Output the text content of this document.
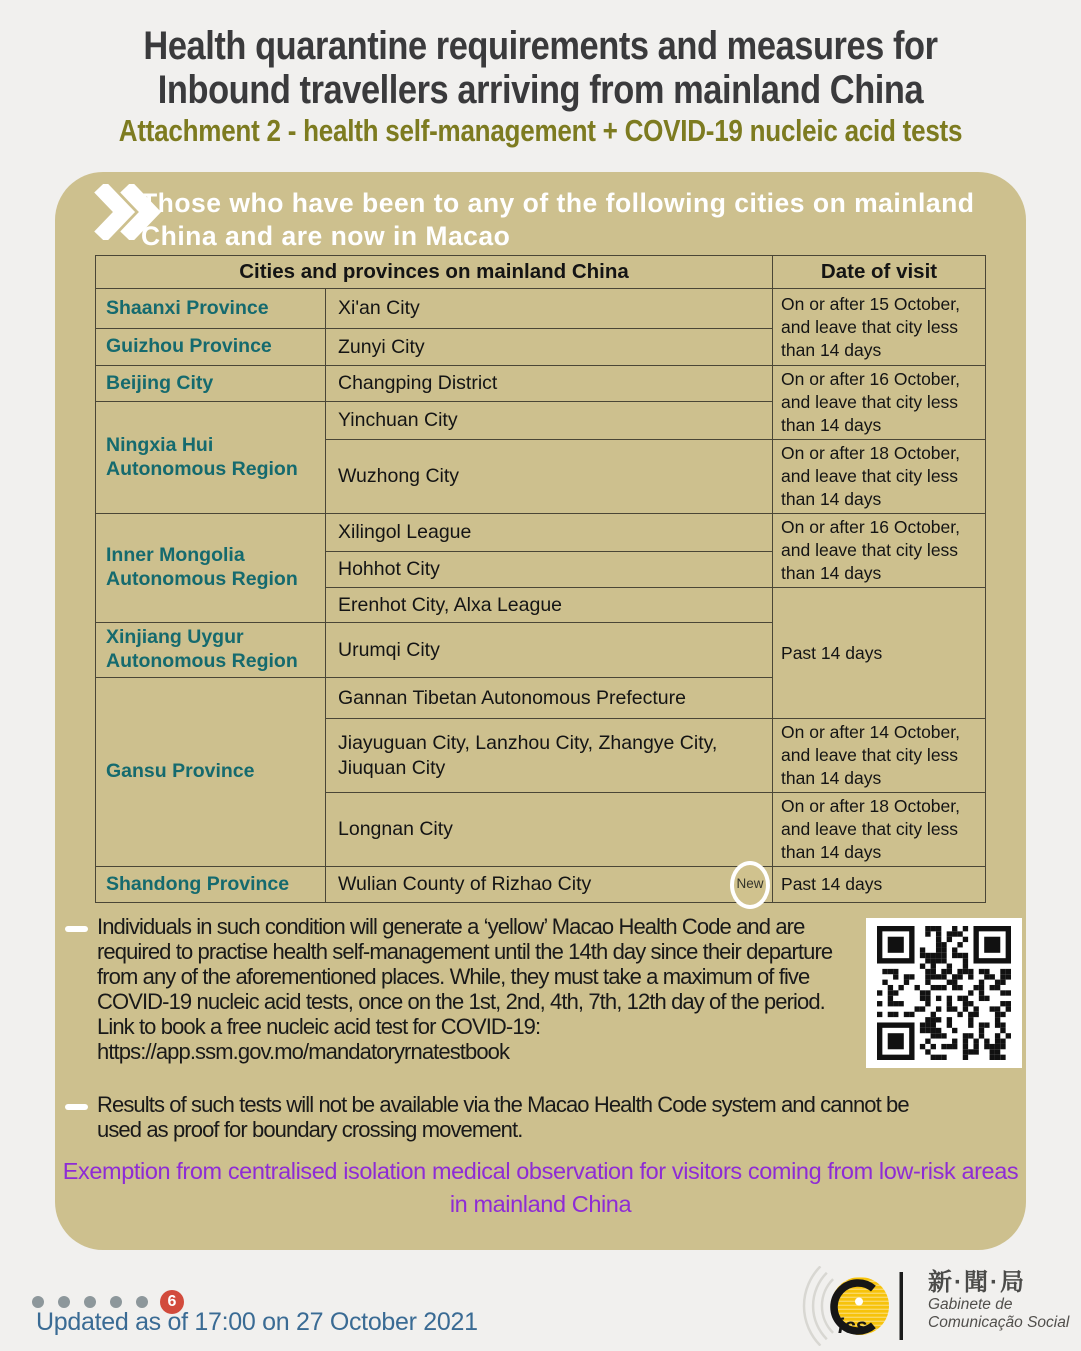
Health quarantine requirements and measures for
Inbound travellers arriving from mainland China
Attachment 2 - health self-management + COVID-19 nucleic acid tests
Those who have been to any of the following cities on mainland China and are now in Macao
Cities and provinces on mainland China		Date of visit
Shaanxi Province	Xi'an City	On or after 15 October, and leave that city less than 14 days
Guizhou Province	Zunyi City	
Beijing City	Changping District	On or after 16 October, and leave that city less than 14 days
Ningxia Hui Autonomous Region	Yinchuan City	
	Wuzhong City	On or after 18 October, and leave that city less than 14 days
Inner Mongolia Autonomous Region	Xilingol League	On or after 16 October, and leave that city less than 14 days
	Hohhot City	
	Erenhot City, Alxa League	Past 14 days
Xinjiang Uygur Autonomous Region	Urumqi City	
Gansu Province	Gannan Tibetan Autonomous Prefecture	
	Jiayuguan City, Lanzhou City, Zhangye City, Jiuquan City	On or after 14 October, and leave that city less than 14 days
	Longnan City	On or after 18 October, and leave that city less than 14 days
Shandong Province	Wulian County of Rizhao City New	Past 14 days

Individuals in such condition will generate a ‘yellow’ Macao Health Code and are required to practise health self-management until the 14th day since their departure from any of the aforementioned places. While, they must take a maximum of five COVID-19 nucleic acid tests, once on the 1st, 2nd, 4th, 7th, 12th day of the period. Link to book a free nucleic acid test for COVID-19: https://app.ssm.gov.mo/mandatoryrnatestbook

Results of such tests will not be available via the Macao Health Code system and cannot be used as proof for boundary crossing movement.

Exemption from centralised isolation medical observation for visitors coming from low-risk areas in mainland China
6
Updated as of 17:00 on 27 October 2021	ics
新·聞·局
Gabinete de
Comunicação Social
